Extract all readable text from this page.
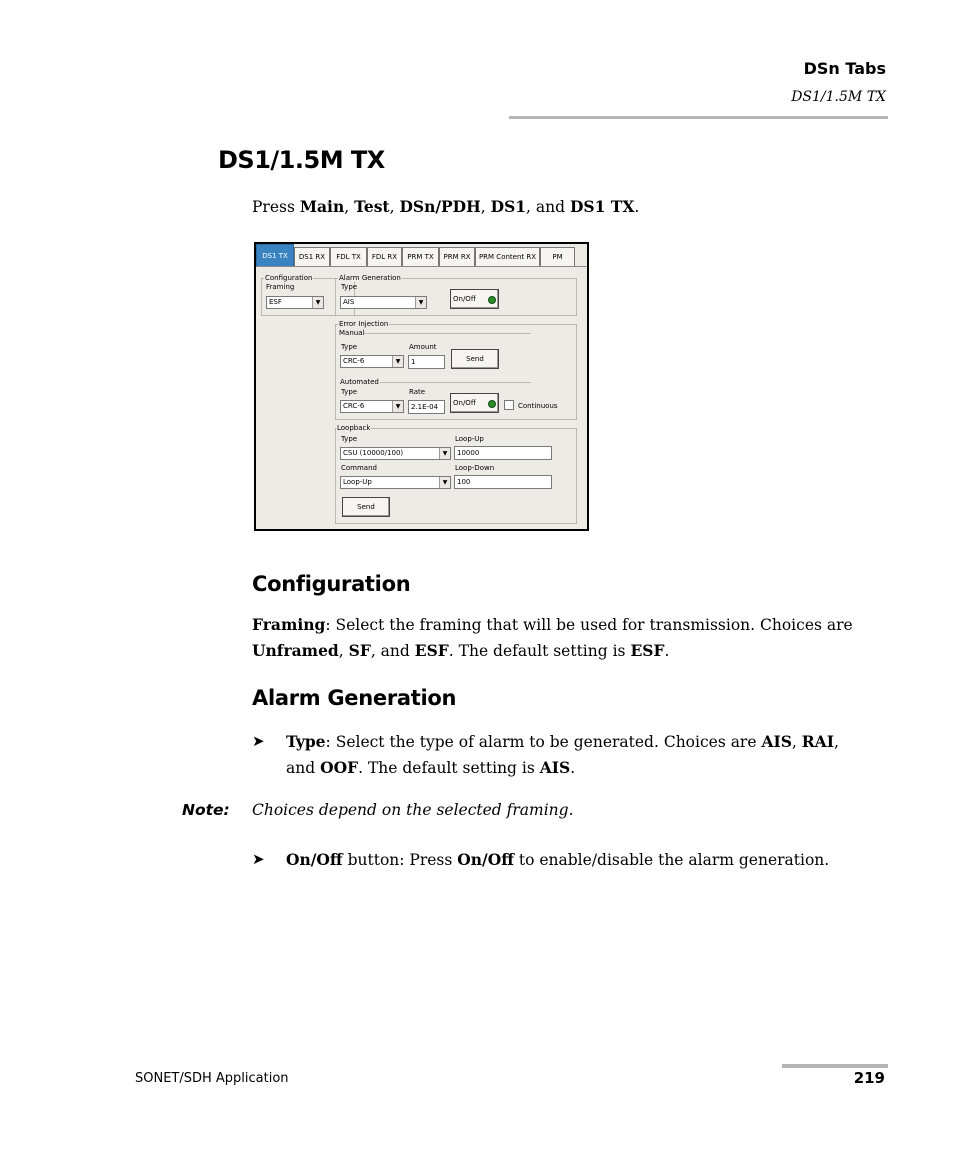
DSn Tabs
DS1/1.5M TX
DS1/1.5M TX
Press Main, Test, DSn/PDH, DS1, and DS1 TX.
DS1 TX	DS1 RX	FDL TX	FDL RX	PRM TX	PRM RX	PRM Content RX	PM
Configuration
Framing
ESF	▼
Alarm Generation
Type
AIS	▼	On/Off
Error Injection
Manual
Type
CRC-6	▼
Amount
1	Send
Automated
Type
CRC-6	▼
Rate
2.1E-04	On/Off	Continuous
Loopback
Type
CSU (10000/100)	▼
Loop-Up
10000
Command
Loop-Up	▼
Loop-Down
100
Send
Configuration
Framing: Select the framing that will be used for transmission. Choices are
Unframed, SF, and ESF. The default setting is ESF.
Alarm Generation
➤ Type: Select the type of alarm to be generated. Choices are AIS, RAI,
and OOF. The default setting is AIS.
Note: Choices depend on the selected framing.
➤ On/Off button: Press On/Off to enable/disable the alarm generation.
SONET/SDH Application	219
